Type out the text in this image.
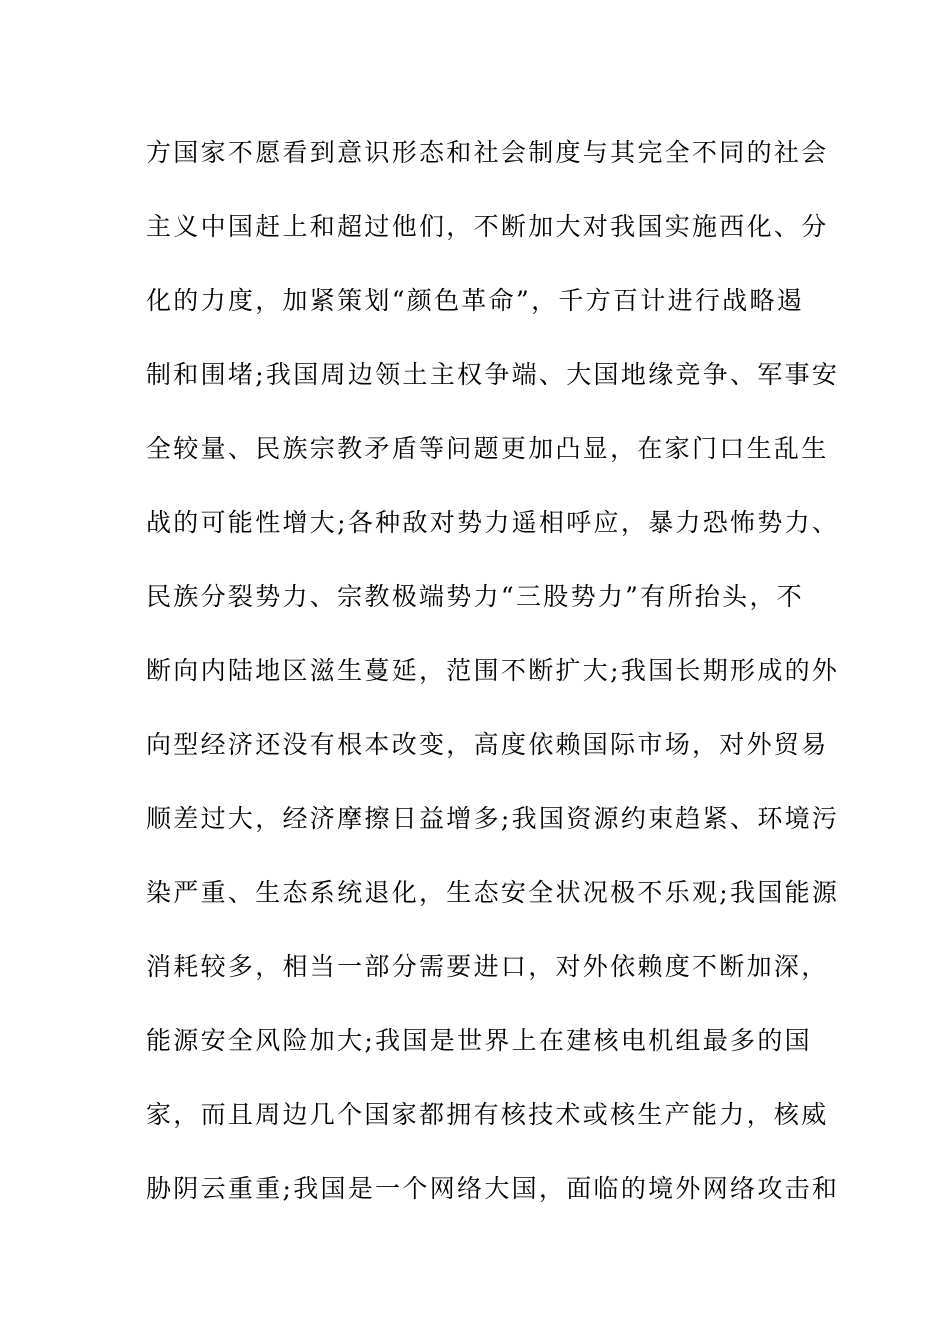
方国家不愿看到意识形态和社会制度与其完全不同的社会
主义中国赶上和超过他们，不断加大对我国实施西化、分
化的力度，加紧策划“颜色革命”，千方百计进行战略遏
制和围堵;我国周边领土主权争端、大国地缘竞争、军事安
全较量、民族宗教矛盾等问题更加凸显，在家门口生乱生
战的可能性增大;各种敌对势力遥相呼应，暴力恐怖势力、
民族分裂势力、宗教极端势力“三股势力”有所抬头，不
断向内陆地区滋生蔓延，范围不断扩大;我国长期形成的外
向型经济还没有根本改变，高度依赖国际市场，对外贸易
顺差过大，经济摩擦日益增多;我国资源约束趋紧、环境污
染严重、生态系统退化，生态安全状况极不乐观;我国能源
消耗较多，相当一部分需要进口，对外依赖度不断加深，
能源安全风险加大;我国是世界上在建核电机组最多的国
家，而且周边几个国家都拥有核技术或核生产能力，核威
胁阴云重重;我国是一个网络大国，面临的境外网络攻击和
